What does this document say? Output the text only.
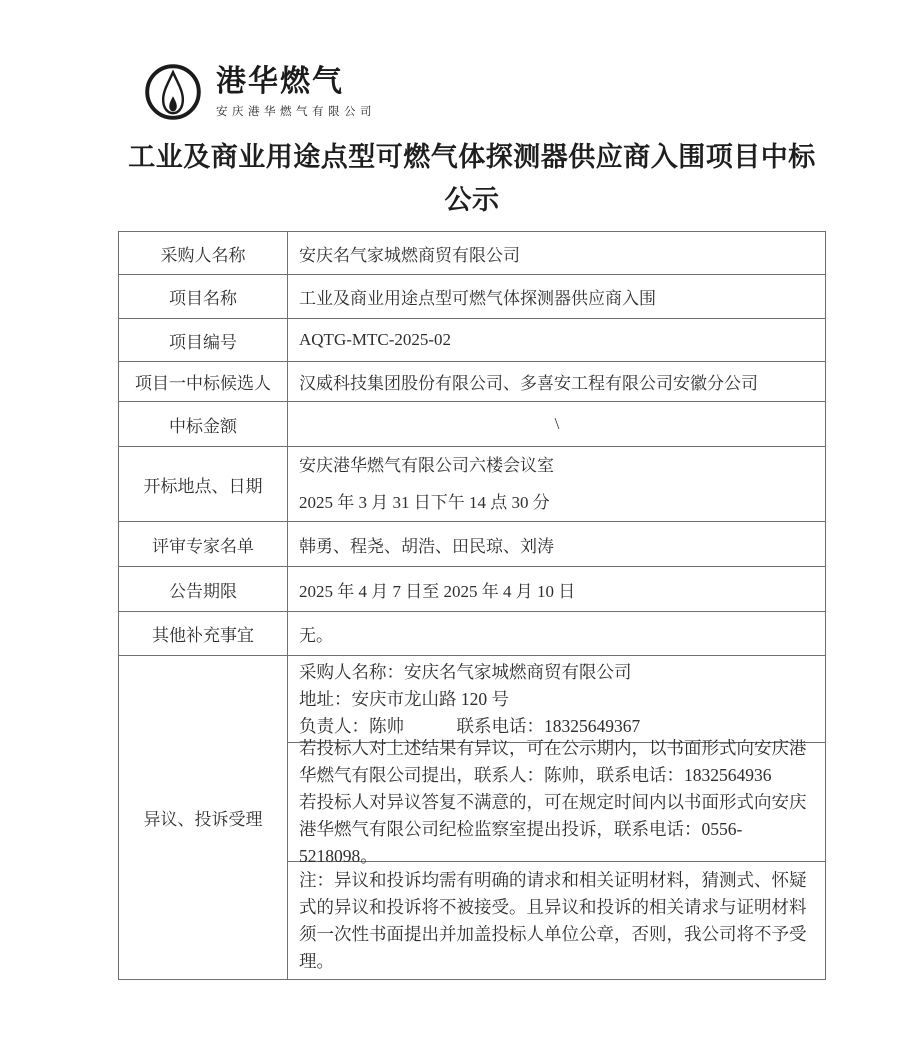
港华燃气
安庆港华燃气有限公司
工业及商业用途点型可燃气体探测器供应商入围项目中标公示
采购人名称	安庆名气家城燃商贸有限公司
项目名称	工业及商业用途点型可燃气体探测器供应商入围
项目编号	AQTG-MTC-2025-02
项目一中标候选人	汉威科技集团股份有限公司、多喜安工程有限公司安徽分公司
中标金额	\
开标地点、日期	安庆港华燃气有限公司六楼会议室
2025 年 3 月 31 日下午 14 点 30 分

评审专家名单	韩勇、程尧、胡浩、田民琼、刘涛
公告期限	2025 年 4 月 7 日至 2025 年 4 月 10 日
其他补充事宜	无。
异议、投诉受理	
采购人名称：安庆名气家城燃商贸有限公司
地址：安庆市龙山路 120 号
负责人：陈帅　　　联系电话：18325649367

若投标人对上述结果有异议，可在公示期内，以书面形式向安庆港华燃气有限公司提出，联系人：陈帅，联系电话：1832564936

若投标人对异议答复不满意的，可在规定时间内以书面形式向安庆港华燃气有限公司纪检监察室提出投诉，联系电话：0556-5218098。

注：异议和投诉均需有明确的请求和相关证明材料，猜测式、怀疑式的异议和投诉将不被接受。且异议和投诉的相关请求与证明材料须一次性书面提出并加盖投标人单位公章，否则，我公司将不予受理。
